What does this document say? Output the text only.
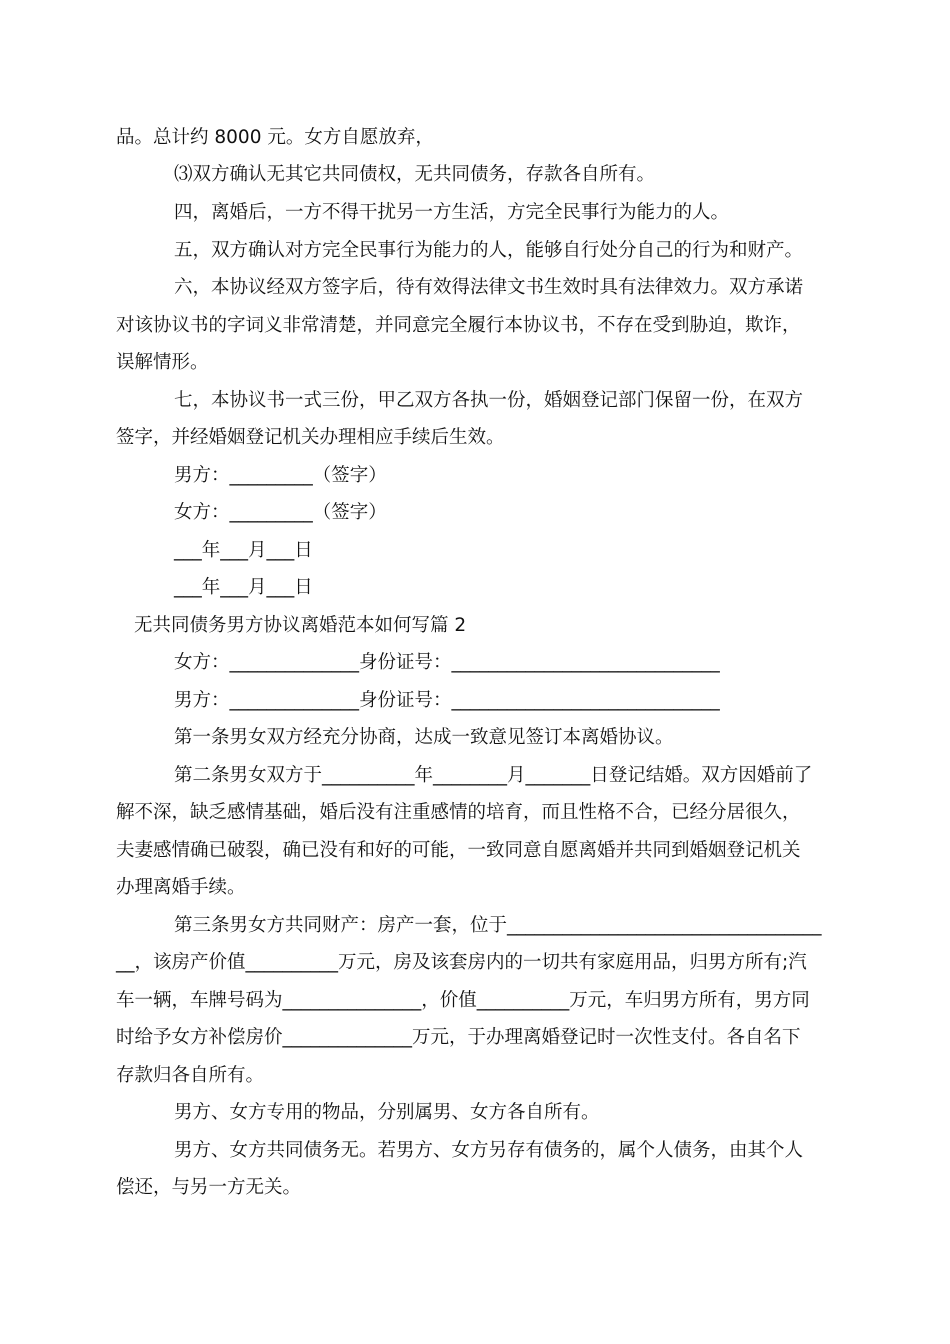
品。总计约 8000 元。女方自愿放弃，
⑶双方确认无其它共同债权，无共同债务，存款各自所有。
四，离婚后，一方不得干扰另一方生活，方完全民事行为能力的人。
五，双方确认对方完全民事行为能力的人，能够自行处分自己的行为和财产。
六，本协议经双方签字后，待有效得法律文书生效时具有法律效力。双方承诺
对该协议书的字词义非常清楚，并同意完全履行本协议书，不存在受到胁迫，欺诈，
误解情形。
七，本协议书一式三份，甲乙双方各执一份，婚姻登记部门保留一份，在双方
签字，并经婚姻登记机关办理相应手续后生效。
男方：_________（签字）
女方：_________（签字）
___年___月___日
___年___月___日
无共同债务男方协议离婚范本如何写篇 2
女方：______________身份证号：_____________________________
男方：______________身份证号：_____________________________
第一条男女双方经充分协商，达成一致意见签订本离婚协议。
第二条男女双方于__________年________月_______日登记结婚。双方因婚前了
解不深，缺乏感情基础，婚后没有注重感情的培育，而且性格不合，已经分居很久，
夫妻感情确已破裂，确已没有和好的可能，一致同意自愿离婚并共同到婚姻登记机关
办理离婚手续。
第三条男女方共同财产：房产一套，位于__________________________________
__，该房产价值__________万元，房及该套房内的一切共有家庭用品，归男方所有;汽
车一辆，车牌号码为_______________，价值__________万元，车归男方所有，男方同
时给予女方补偿房价______________万元，于办理离婚登记时一次性支付。各自名下
存款归各自所有。
男方、女方专用的物品，分别属男、女方各自所有。
男方、女方共同债务无。若男方、女方另存有债务的，属个人债务，由其个人
偿还，与另一方无关。
